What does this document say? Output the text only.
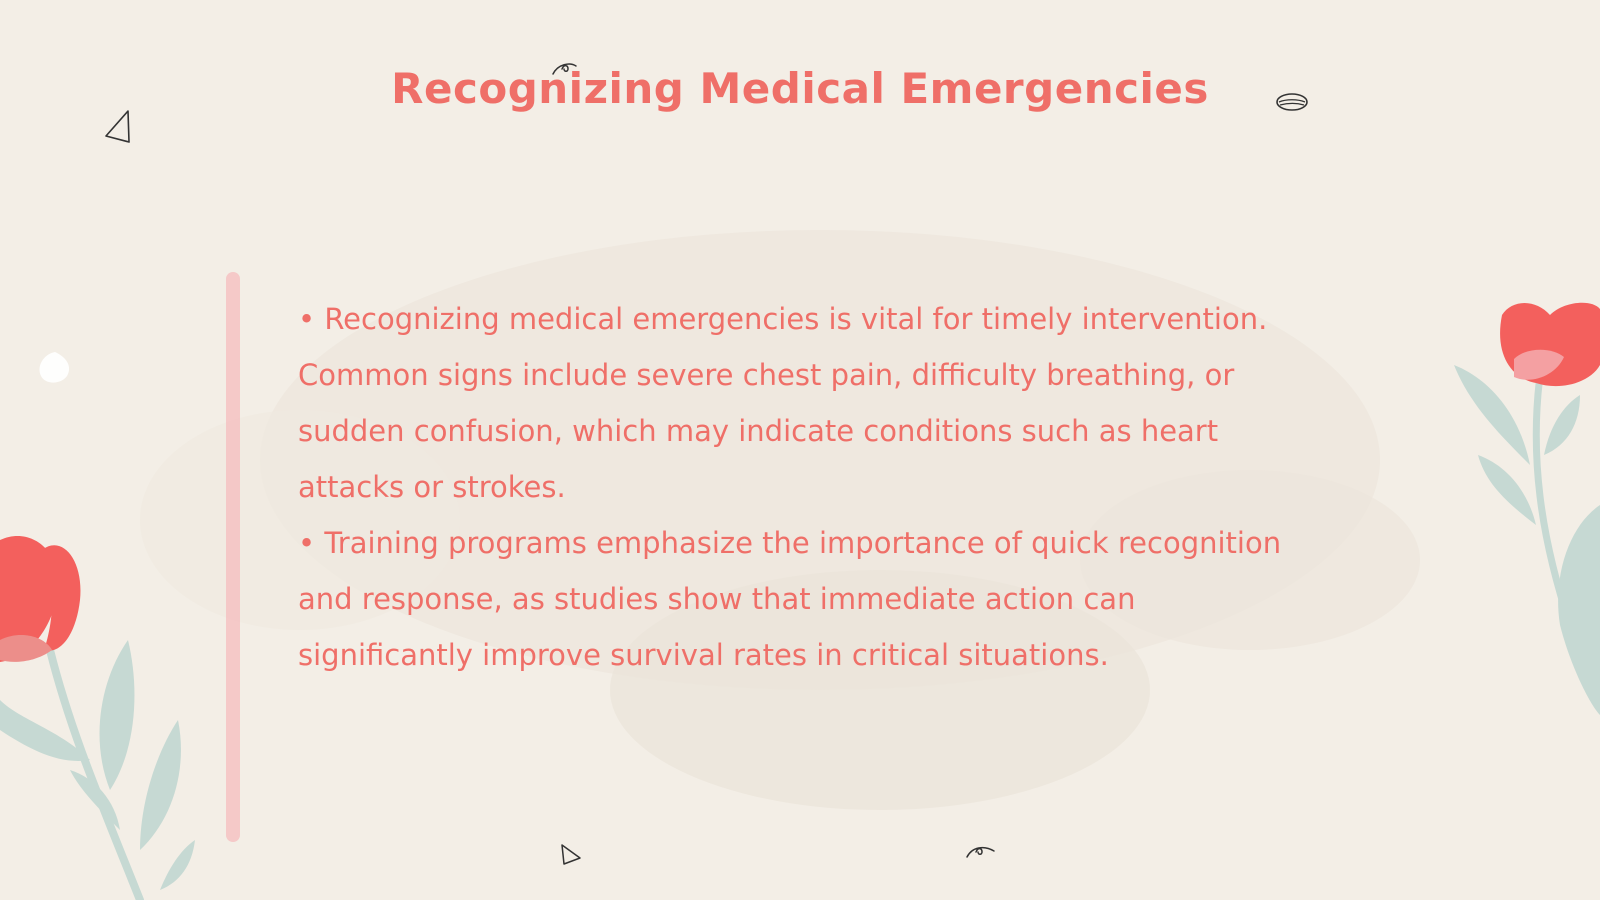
Recognizing Medical Emergencies

• Recognizing medical emergencies is vital for timely intervention. Common signs include severe chest pain, difficulty breathing, or sudden confusion, which may indicate conditions such as heart attacks or strokes.

• Training programs emphasize the importance of quick recognition and response, as studies show that immediate action can significantly improve survival rates in critical situations.
